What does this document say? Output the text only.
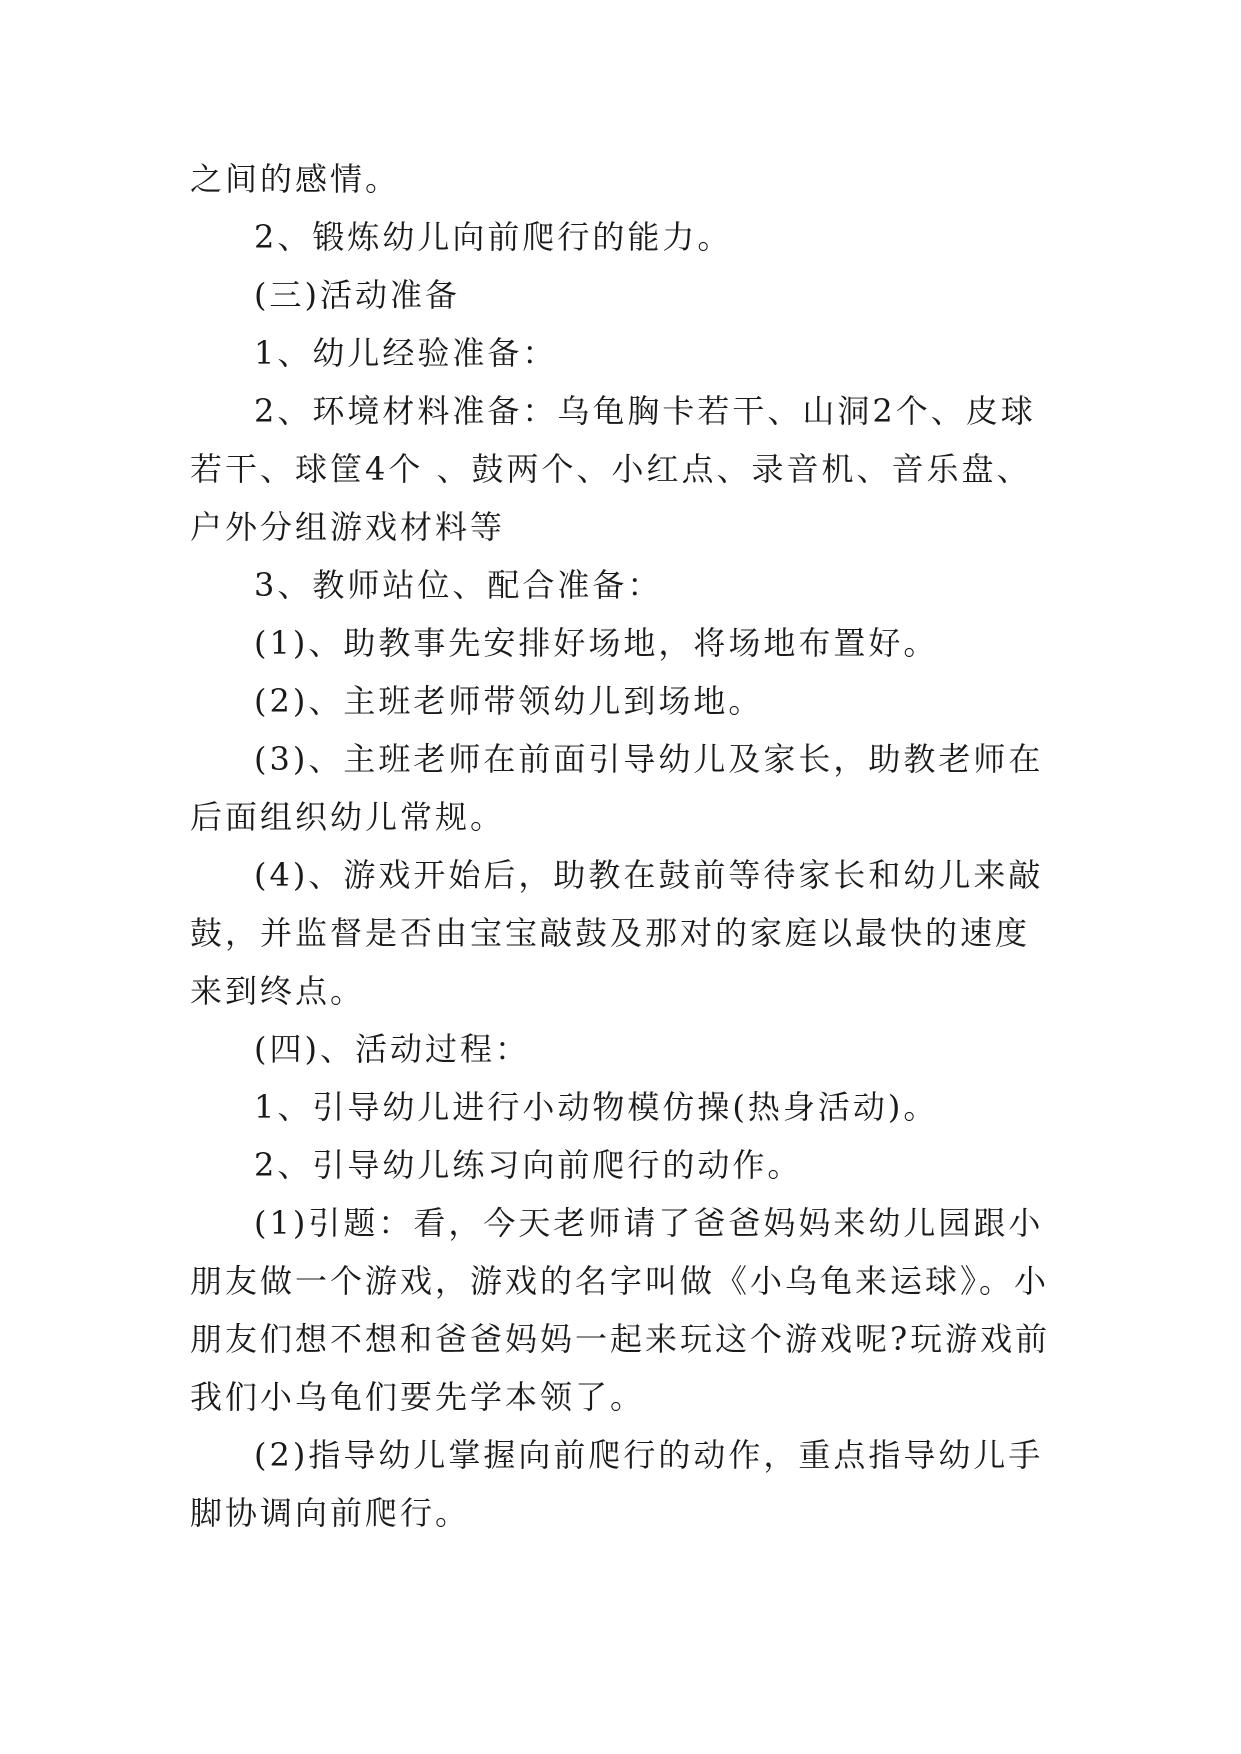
之间的感情。

2、锻炼幼儿向前爬行的能力。

(三)活动准备

1、幼儿经验准备：

2、环境材料准备：乌龟胸卡若干、山洞2个、皮球若干、球筐4个 、鼓两个、小红点、录音机、音乐盘、户外分组游戏材料等

3、教师站位、配合准备：

(1)、助教事先安排好场地，将场地布置好。

(2)、主班老师带领幼儿到场地。

(3)、主班老师在前面引导幼儿及家长，助教老师在后面组织幼儿常规。

(4)、游戏开始后，助教在鼓前等待家长和幼儿来敲鼓，并监督是否由宝宝敲鼓及那对的家庭以最快的速度来到终点。

(四)、活动过程：

1、引导幼儿进行小动物模仿操(热身活动)。

2、引导幼儿练习向前爬行的动作。

(1)引题：看，今天老师请了爸爸妈妈来幼儿园跟小朋友做一个游戏，游戏的名字叫做《小乌龟来运球》。小朋友们想不想和爸爸妈妈一起来玩这个游戏呢?玩游戏前我们小乌龟们要先学本领了。

(2)指导幼儿掌握向前爬行的动作，重点指导幼儿手脚协调向前爬行。
